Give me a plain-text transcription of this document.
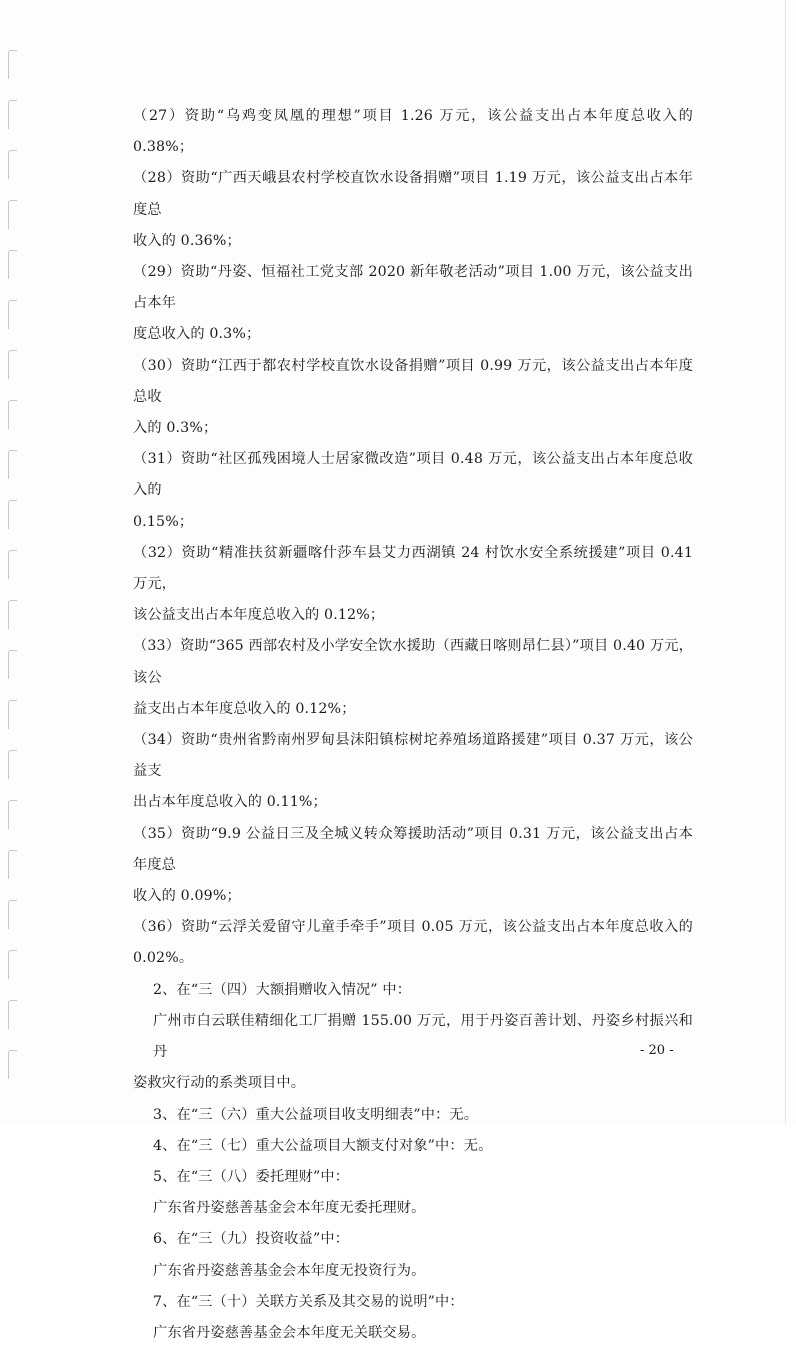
（27）资助“乌鸡变凤凰的理想”项目 1.26 万元，该公益支出占本年度总收入的 0.38%；

（28）资助“广西天峨县农村学校直饮水设备捐赠”项目 1.19 万元，该公益支出占本年度总

收入的 0.36%；

（29）资助“丹姿、恒福社工党支部 2020 新年敬老活动”项目 1.00 万元，该公益支出占本年

度总收入的 0.3%；

（30）资助“江西于都农村学校直饮水设备捐赠”项目 0.99 万元，该公益支出占本年度总收

入的 0.3%；

（31）资助“社区孤残困境人士居家微改造”项目 0.48 万元，该公益支出占本年度总收入的

0.15%；

（32）资助“精准扶贫新疆喀什莎车县艾力西湖镇 24 村饮水安全系统援建”项目 0.41 万元，

该公益支出占本年度总收入的 0.12%；

（33）资助“365 西部农村及小学安全饮水援助（西藏日喀则昂仁县）”项目 0.40 万元，该公

益支出占本年度总收入的 0.12%；

（34）资助“贵州省黔南州罗甸县沫阳镇棕树坨养殖场道路援建”项目 0.37 万元，该公益支

出占本年度总收入的 0.11%；

（35）资助“9.9 公益日三及全城义转众筹援助活动”项目 0.31 万元，该公益支出占本年度总

收入的 0.09%；

（36）资助“云浮关爱留守儿童手牵手”项目 0.05 万元，该公益支出占本年度总收入的 0.02%。

2、在“三（四）大额捐赠收入情况” 中：

广州市白云联佳精细化工厂捐赠 155.00 万元，用于丹姿百善计划、丹姿乡村振兴和丹

姿救灾行动的系类项目中。

3、在“三（六）重大公益项目收支明细表”中：无。

4、在“三（七）重大公益项目大额支付对象”中：无。

5、在“三（八）委托理财”中：

广东省丹姿慈善基金会本年度无委托理财。

6、在“三（九）投资收益”中：

广东省丹姿慈善基金会本年度无投资行为。

7、在“三（十）关联方关系及其交易的说明”中：

广东省丹姿慈善基金会本年度无关联交易。

- 20 -
